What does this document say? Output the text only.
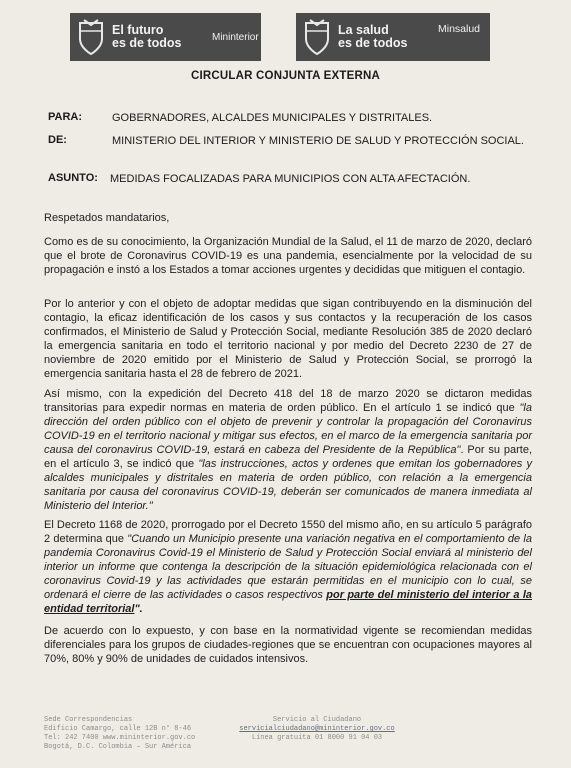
El futuro
es de todos	Mininterior	La salud
es de todos
Minsalud
CIRCULAR CONJUNTA EXTERNA
PARA:	GOBERNADORES, ALCALDES MUNICIPALES Y DISTRITALES.
DE:	MINISTERIO DEL INTERIOR Y MINISTERIO DE SALUD Y PROTECCIÓN SOCIAL.
ASUNTO: MEDIDAS FOCALIZADAS PARA MUNICIPIOS CON ALTA AFECTACIÓN.

Respetados mandatarios,

Como es de su conocimiento, la Organización Mundial de la Salud, el 11 de marzo de 2020, declaró que el brote de Coronavirus COVID-19 es una pandemia, esencialmente por la velocidad de su propagación e instó a los Estados a tomar acciones urgentes y decididas que mitiguen el contagio.

Por lo anterior y con el objeto de adoptar medidas que sigan contribuyendo en la disminución del contagio, la eficaz identificación de los casos y sus contactos y la recuperación de los casos confirmados, el Ministerio de Salud y Protección Social, mediante Resolución 385 de 2020 declaró la emergencia sanitaria en todo el territorio nacional y por medio del Decreto 2230 de 27 de noviembre de 2020 emitido por el Ministerio de Salud y Protección Social, se prorrogó la emergencia sanitaria hasta el 28 de febrero de 2021.

Así mismo, con la expedición del Decreto 418 del 18 de marzo 2020 se dictaron medidas transitorias para expedir normas en materia de orden público. En el artículo 1 se indicó que "la dirección del orden público con el objeto de prevenir y controlar la propagación del Coronavirus COVID-19 en el territorio nacional y mitigar sus efectos, en el marco de la emergencia sanitaria por causa del coronavirus COVID-19, estará en cabeza del Presidente de la República". Por su parte, en el artículo 3, se indicó que "las instrucciones, actos y ordenes que emitan los gobernadores y alcaldes municipales y distritales en materia de orden público, con relación a la emergencia sanitaria por causa del coronavirus COVID-19, deberán ser comunicados de manera inmediata al Ministerio del Interior."

El Decreto 1168 de 2020, prorrogado por el Decreto 1550 del mismo año, en su artículo 5 parágrafo 2 determina que "Cuando un Municipio presente una variación negativa en el comportamiento de la pandemia Coronavirus Covid-19 el Ministerio de Salud y Protección Social enviará al ministerio del interior un informe que contenga la descripción de la situación epidemiológica relacionada con el coronavirus Covid-19 y las actividades que estarán permitidas en el municipio con lo cual, se ordenará el cierre de las actividades o casos respectivos por parte del ministerio del interior a la entidad territorial".

De acuerdo con lo expuesto, y con base en la normatividad vigente se recomiendan medidas diferenciales para los grupos de ciudades-regiones que se encuentran con ocupaciones mayores al 70%, 80% y 90% de unidades de cuidados intensivos.

Sede Correspondencias
Edificio Camargo, calle 12B n° 8-46
Tel: 242 7400 www.mininterior.gov.co
Bogotá, D.C. Colombia – Sur América
Servicio al Ciudadano
servicialciudadano@mininterior.gov.co
Línea gratuita 01 8000 91 04 03
